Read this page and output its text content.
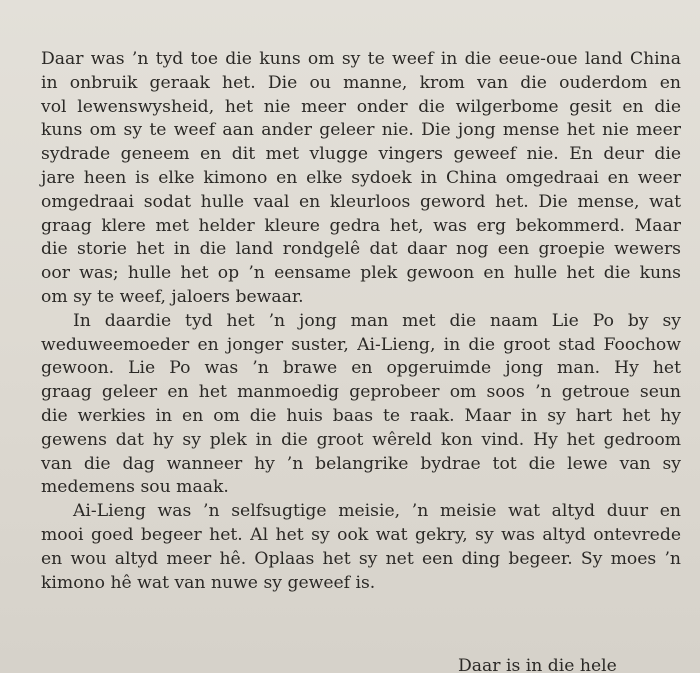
Daar was ’n tyd toe die kuns om sy te weef in die eeue-oue land China
in onbruik geraak het. Die ou manne, krom van die ouderdom en
vol lewenswysheid, het nie meer onder die wilgerbome gesit en die
kuns om sy te weef aan ander geleer nie. Die jong mense het nie meer
sydrade geneem en dit met vlugge vingers geweef nie. En deur die
jare heen is elke kimono en elke sydoek in China omgedraai en weer
omgedraai sodat hulle vaal en kleurloos geword het. Die mense, wat
graag klere met helder kleure gedra het, was erg bekommerd. Maar
die storie het in die land rondgelê dat daar nog een groepie wewers
oor was; hulle het op ’n eensame plek gewoon en hulle het die kuns
om sy te weef, jaloers bewaar.
In daardie tyd het ’n jong man met die naam Lie Po by sy
weduweemoeder en jonger suster, Ai-Lieng, in die groot stad Foochow
gewoon. Lie Po was ’n brawe en opgeruimde jong man. Hy het
graag geleer en het manmoedig geprobeer om soos ’n getroue seun
die werkies in en om die huis baas te raak. Maar in sy hart het hy
gewens dat hy sy plek in die groot wêreld kon vind. Hy het gedroom
van die dag wanneer hy ’n belangrike bydrae tot die lewe van sy
medemens sou maak.
Ai-Lieng was ’n selfsugtige meisie, ’n meisie wat altyd duur en
mooi goed begeer het. Al het sy ook wat gekry, sy was altyd ontevrede
en wou altyd meer hê. Oplaas het sy net een ding begeer. Sy moes ’n
kimono hê wat van nuwe sy geweef is.
Daar is in die hele
